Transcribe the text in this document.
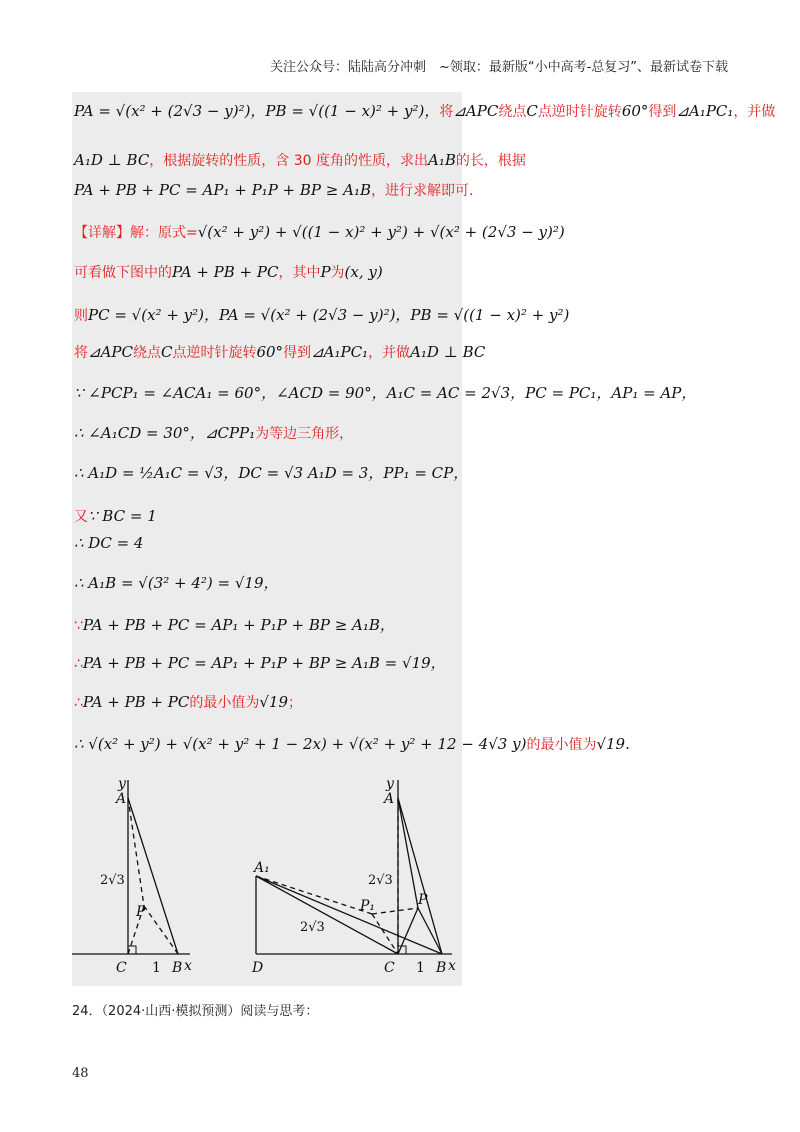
关注公众号：陆陆高分冲刺　~领取：最新版“小中高考-总复习”、最新试卷下载
PA = √(x² + (2√3 − y)²)，PB = √((1 − x)² + y²)，将⊿APC绕点C点逆时针旋转60°得到⊿A₁PC₁，并做
A₁D ⊥ BC，根据旋转的性质，含 30 度角的性质，求出A₁B的长，根据
PA + PB + PC = AP₁ + P₁P + BP ≥ A₁B，进行求解即可.
【详解】解：原式=√(x² + y²) + √((1 − x)² + y²) + √(x² + (2√3 − y)²)
可看做下图中的PA + PB + PC，其中P为(x, y)
则PC = √(x² + y²)，PA = √(x² + (2√3 − y)²)，PB = √((1 − x)² + y²)
将⊿APC绕点C点逆时针旋转60°得到⊿A₁PC₁，并做A₁D ⊥ BC
∵ ∠PCP₁ = ∠ACA₁ = 60°，∠ACD = 90°，A₁C = AC = 2√3，PC = PC₁，AP₁ = AP，
∴ ∠A₁CD = 30°，⊿CPP₁为等边三角形，
∴ A₁D = ½A₁C = √3，DC = √3 A₁D = 3，PP₁ = CP，
又∵ BC = 1
∴ DC = 4
∴ A₁B = √(3² + 4²) = √19，
∵PA + PB + PC = AP₁ + P₁P + BP ≥ A₁B，
∴PA + PB + PC = AP₁ + P₁P + BP ≥ A₁B = √19，
∴PA + PB + PC的最小值为√19；
∴ √(x² + y²) + √(x² + y² + 1 − 2x) + √(x² + y² + 12 − 4√3 y)的最小值为√19.
y
A
2√3
P
C 1 B x
y
A
A₁
2√3
2√3
P₁	P
D	C 1 B x
24．（2024·山西·模拟预测）阅读与思考：
48
